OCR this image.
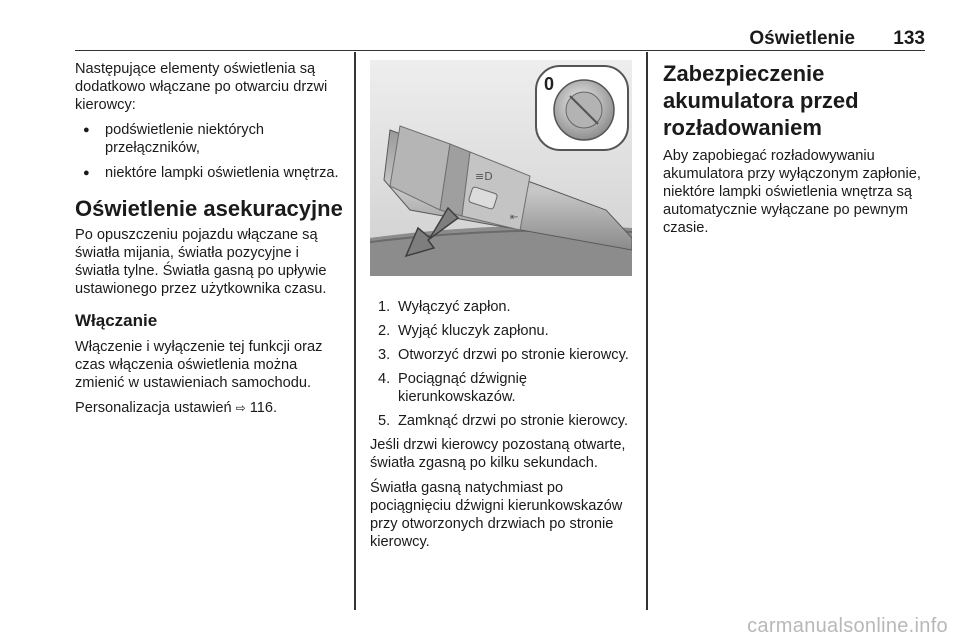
Oświetlenie 133

Następujące elementy oświetlenia są dodatkowo włączane po otwarciu drzwi kierowcy:

● podświetlenie niektórych przełączników,
● niektóre lampki oświetlenia wnętrza.
Oświetlenie asekuracyjne

Po opuszczeniu pojazdu włączane są światła mijania, światła pozycyjne i światła tylne. Światła gasną po upływie ustawionego przez użytkownika czasu.

Włączanie

Włączenie i wyłączenie tej funkcji oraz czas włączenia oświetlenia można zmienić w ustawieniach samochodu.

Personalizacja ustawień ⇨ 116.

≡D
⇤
0
1. Wyłączyć zapłon.
2. Wyjąć kluczyk zapłonu.
3. Otworzyć drzwi po stronie kierowcy.
4. Pociągnąć dźwignię kierunkowskazów.
5. Zamknąć drzwi po stronie kierowcy.

Jeśli drzwi kierowcy pozostaną otwarte, światła zgasną po kilku sekundach.

Światła gasną natychmiast po pociągnięciu dźwigni kierunkowskazów przy otworzonych drzwiach po stronie kierowcy.

Zabezpieczenie akumulatora przed rozładowaniem

Aby zapobiegać rozładowywaniu akumulatora przy wyłączonym zapłonie, niektóre lampki oświetlenia wnętrza są automatycznie wyłączane po pewnym czasie.

carmanualsonline.info
